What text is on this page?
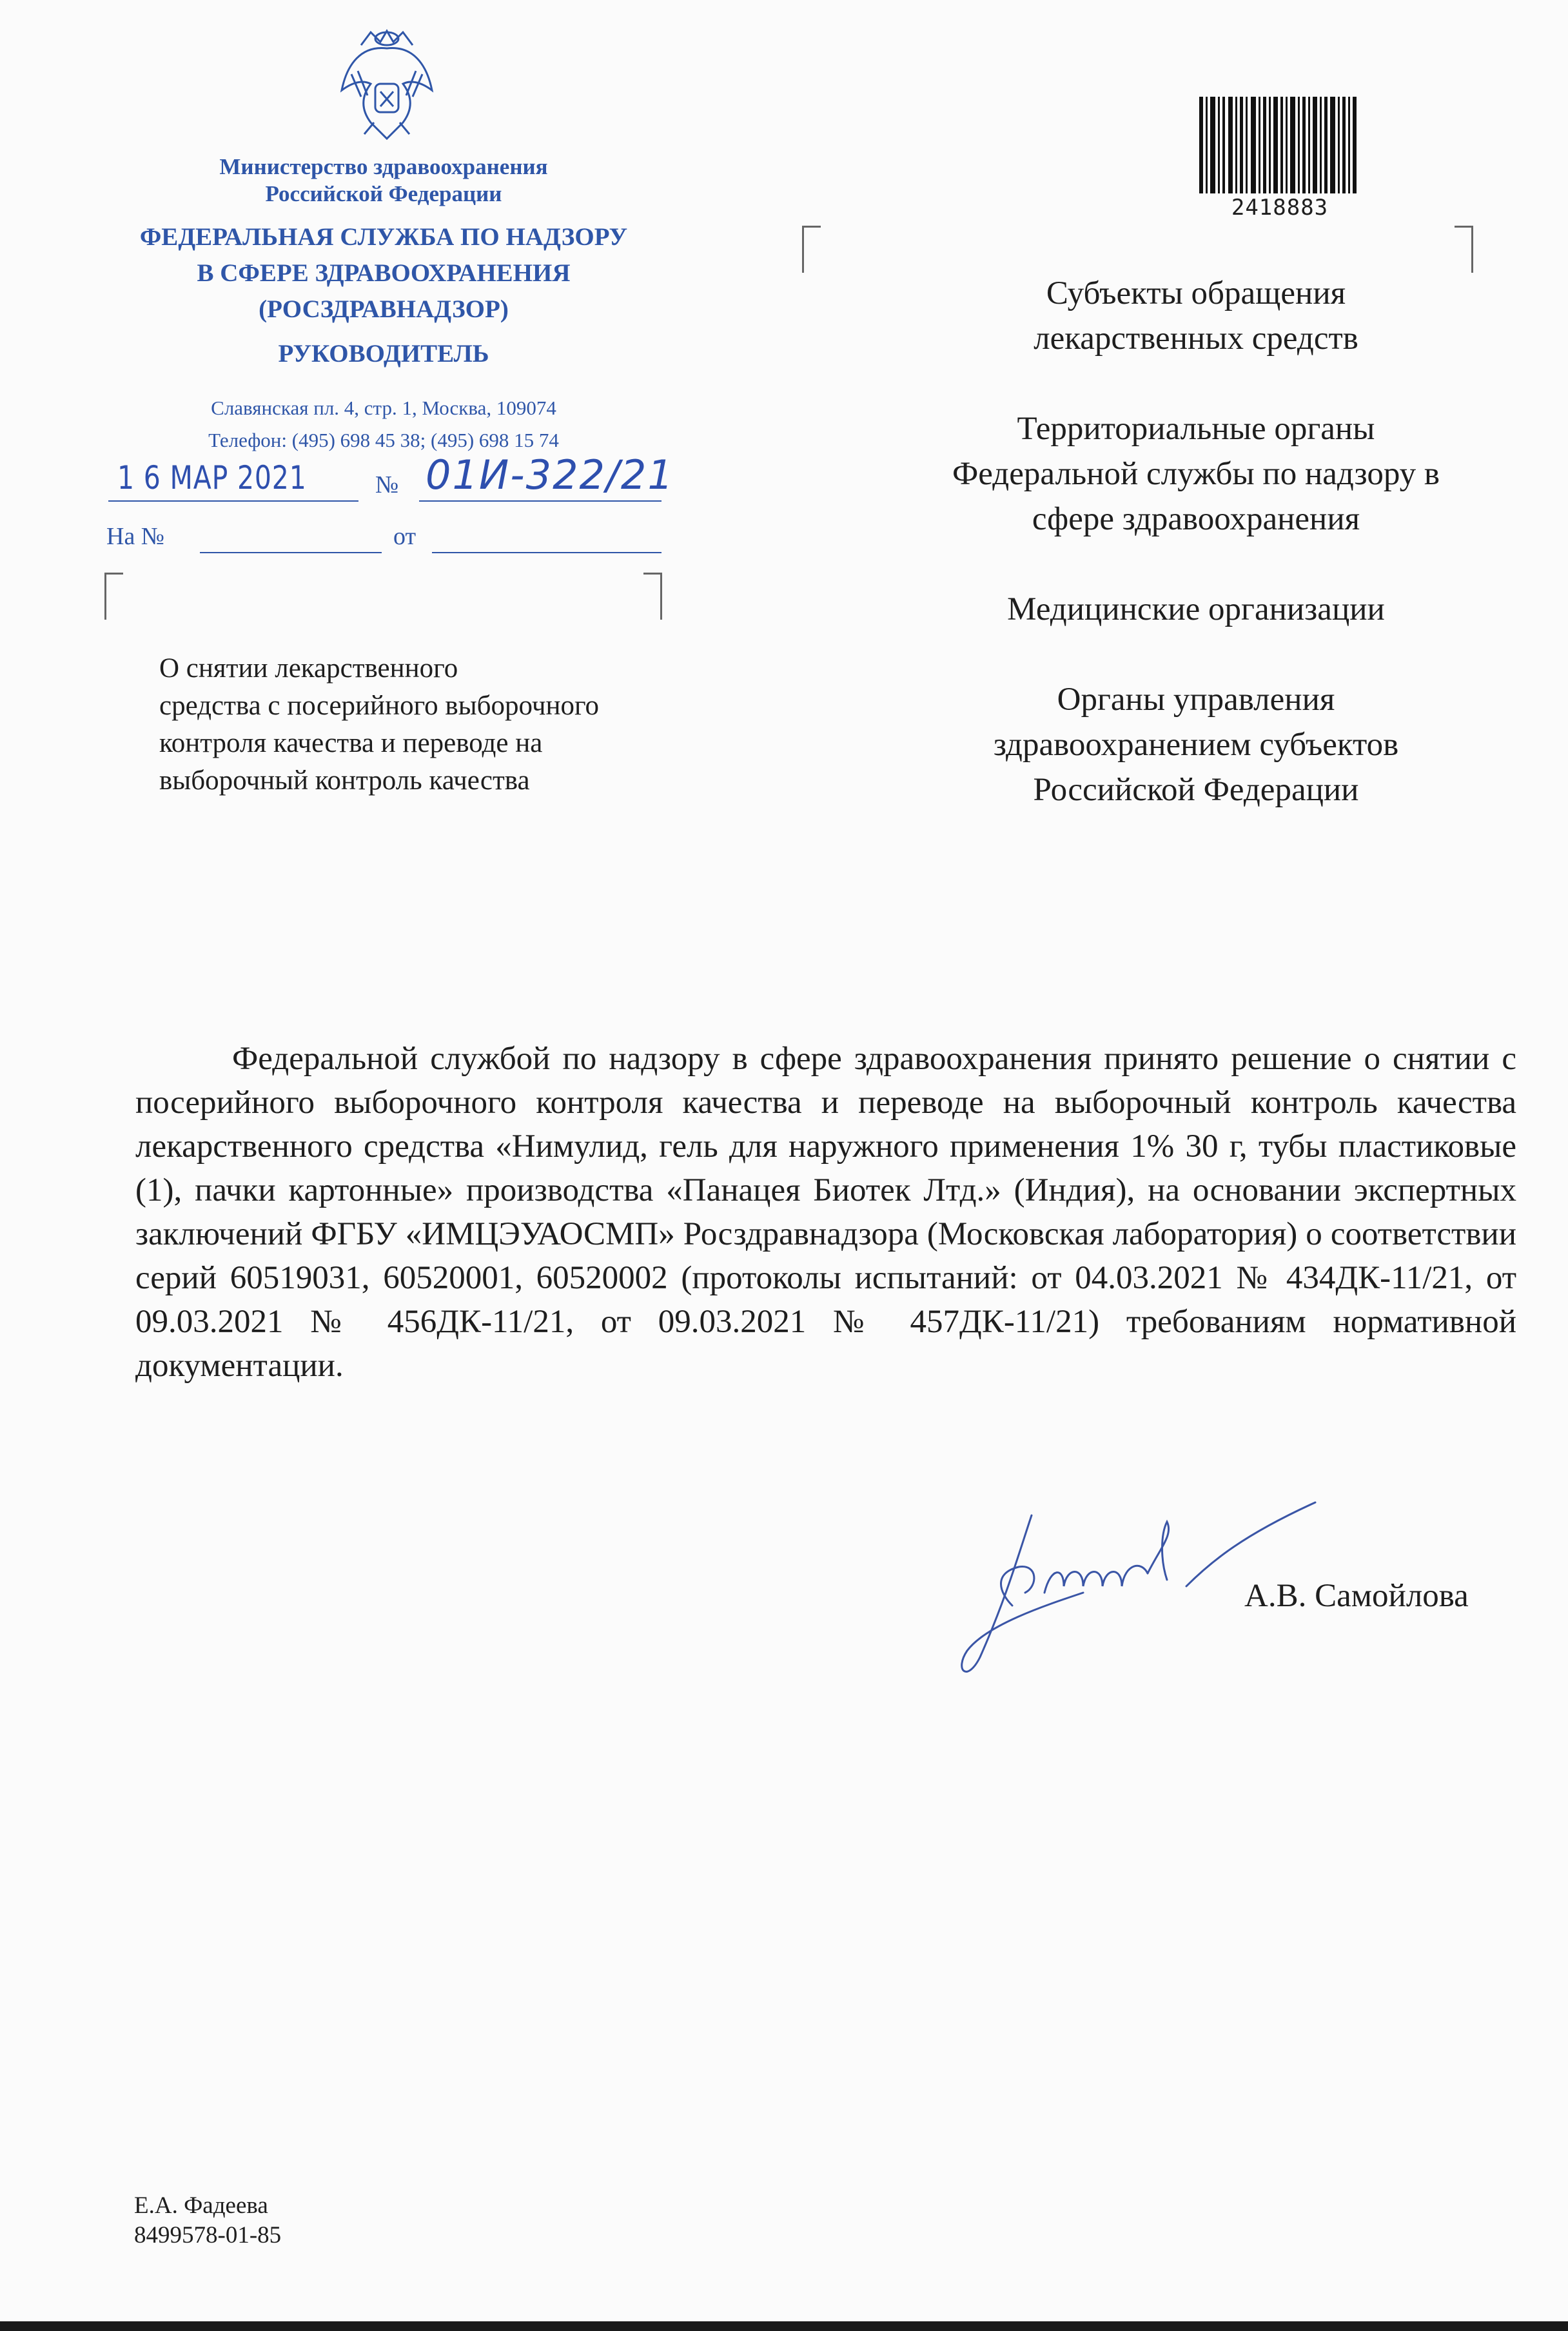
Министерство здравоохранения
Российской Федерации
ФЕДЕРАЛЬНАЯ СЛУЖБА ПО НАДЗОРУ
В СФЕРЕ ЗДРАВООХРАНЕНИЯ
(РОСЗДРАВНАДЗОР)
РУКОВОДИТЕЛЬ
Славянская пл. 4, стр. 1, Москва, 109074
Телефон: (495) 698 45 38; (495) 698 15 74
1 6 МАР 2021	№ 01И-322/21
На №	от
О снятии лекарственного
средства с посерийного выборочного
контроля качества и переводе на
выборочный контроль качества
2418883
Субъекты обращения
лекарственных средств
Территориальные органы
Федеральной службы по надзору в
сфере здравоохранения
Медицинские организации
Органы управления
здравоохранением субъектов
Российской Федерации
Федеральной службой по надзору в сфере здравоохранения принято решение о снятии с посерийного выборочного контроля качества и переводе на выборочный контроль качества лекарственного средства «Нимулид, гель для наружного применения 1% 30 г, тубы пластиковые (1), пачки картонные» производства «Панацея Биотек Лтд.» (Индия), на основании экспертных заключений ФГБУ «ИМЦЭУАОСМП» Росздравнадзора (Московская лаборатория) о соответствии серий 60519031, 60520001, 60520002 (протоколы испытаний: от 04.03.2021 № 434ДК-11/21, от 09.03.2021 № 456ДК-11/21, от 09.03.2021 № 457ДК-11/21) требованиям нормативной документации.
А.В. Самойлова
Е.А. Фадеева
8499578-01-85
